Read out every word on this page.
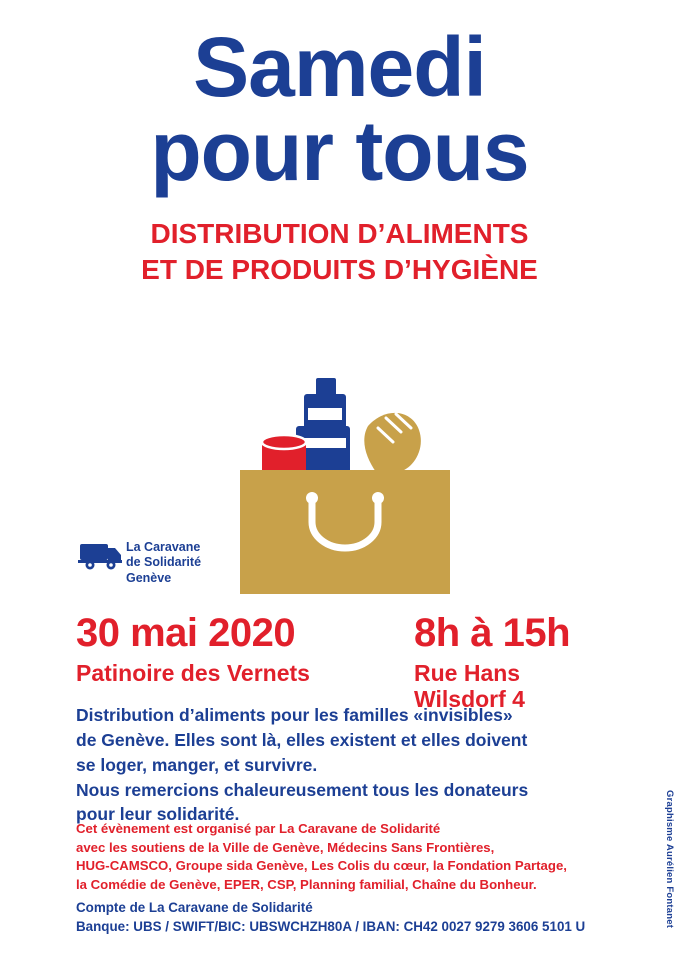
Samedi
pour tous
DISTRIBUTION D’ALIMENTS
ET DE PRODUITS D’HYGIÈNE
La Caravane
de Solidarité
Genève
30 mai 2020
Patinoire des Vernets
8h à 15h
Rue Hans Wilsdorf 4
Distribution d’aliments pour les familles «invisibles»
de Genève. Elles sont là, elles existent et elles doivent
se loger, manger, et survivre.
Nous remercions chaleureusement tous les donateurs
pour leur solidarité.
Cet évènement est organisé par La Caravane de Solidarité
avec les soutiens de la Ville de Genève, Médecins Sans Frontières,
HUG-CAMSCO, Groupe sida Genève, Les Colis du cœur, la Fondation Partage,
la Comédie de Genève, EPER, CSP, Planning familial, Chaîne du Bonheur.
Compte de La Caravane de Solidarité
Banque: UBS / SWIFT/BIC: UBSWCHZH80A / IBAN: CH42 0027 9279 3606 5101 U	Graphisme Aurélien Fontanet
